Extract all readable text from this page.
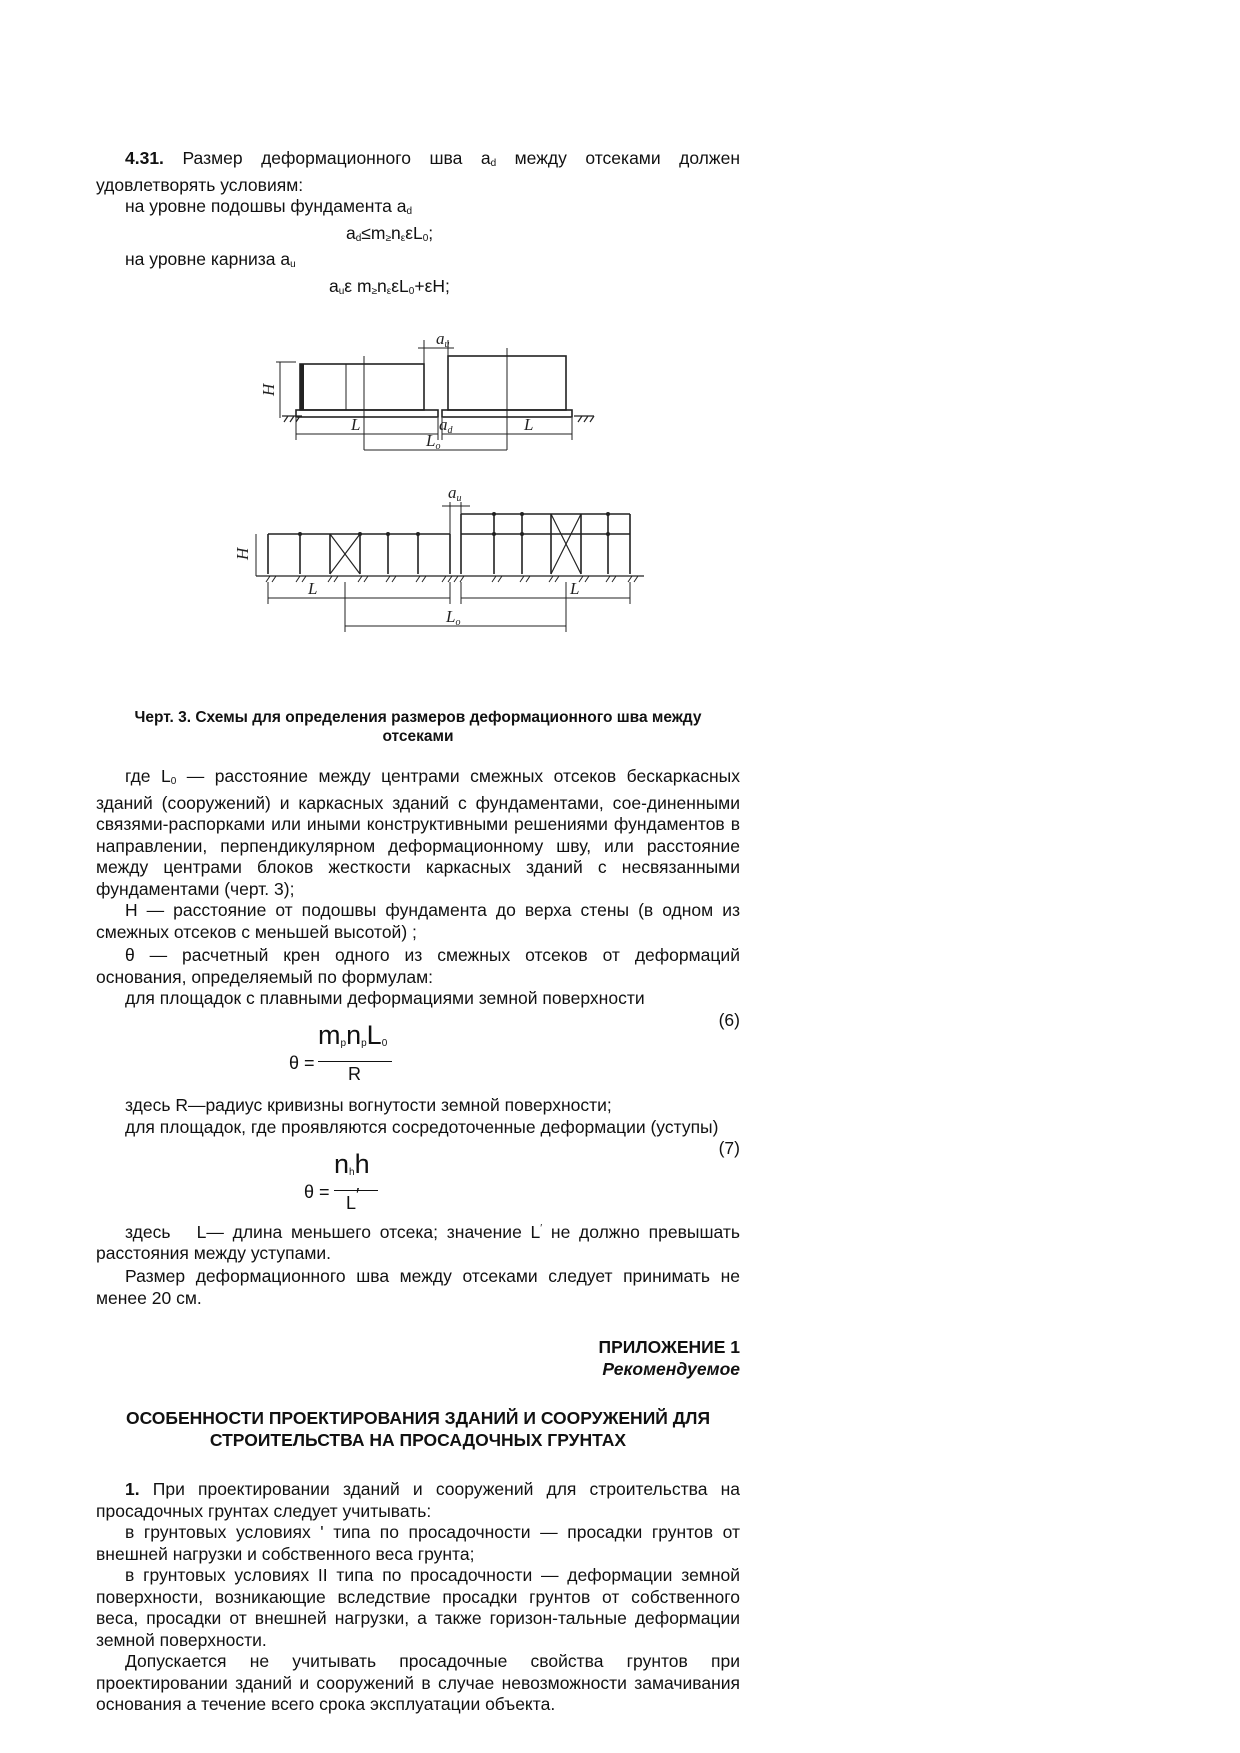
4.31. Размер деформационного шва $a_d$ между отсеками должен удовлетворять условиям:

на уровне подошвы фундамента $a_d$

$a_d\le m_\ge n_\varepsilon\varepsilon L_0$;

на уровне карниза $a_u$

$a_u\varepsilon$ $m_\ge n_\varepsilon\varepsilon L_0+\varepsilon H$;

H
L	L
ad
au
Lo
H
L	L
au
Lo
Черт. 3. Схемы для определения размеров деформационного шва между
отсеками

где $L_0$ — расстояние между центрами смежных отсеков бескаркасных зданий (сооружений) и каркасных зданий с фундаментами, сое-диненными связями-распорками или иными конструктивными решениями фундаментов в направлении, перпендикулярном деформационному шву, или расстояние между центрами блоков жесткости каркасных зданий с несвязанными фундаментами (черт. 3);

H — расстояние от подошвы фундамента до верха стены (в одном из смежных отсеков с меньшей высотой) ;

θ — расчетный крен одного из смежных отсеков от деформаций основания, определяемый по формулам:

для площадок с плавными деформациями земной поверхности

(6)

θ =
$m_pn_pL_0$
R

здесь R—радиус кривизны вогнутости земной поверхности;

для площадок, где проявляются сосредоточенные деформации (уступы)

(7)

θ =
$n_hh$
L′

здесь   L— длина меньшего отсека; значение L′ не должно превышать расстояния между уступами.

Размер деформационного шва между отсеками следует принимать не менее 20 см.

ПРИЛОЖЕНИЕ 1

Рекомендуемое

ОСОБЕННОСТИ ПРОЕКТИРОВАНИЯ ЗДАНИЙ И СООРУЖЕНИЙ ДЛЯ
СТРОИТЕЛЬСТВА НА ПРОСАДОЧНЫХ ГРУНТАХ

1. При проектировании зданий и сооружений для строительства на просадочных грунтах следует учитывать:

в грунтовых условиях ' типа по просадочности — просадки грунтов от внешней нагрузки и собственного веса грунта;

в грунтовых условиях II типа по просадочности — деформации земной поверхности, возникающие вследствие просадки грунтов от собственного веса, просадки от внешней нагрузки, а также горизон-тальные деформации земной поверхности.

Допускается не учитывать просадочные свойства грунтов при проектировании зданий и сооружений в случае невозможности замачивания основания а течение всего срока эксплуатации объекта.
